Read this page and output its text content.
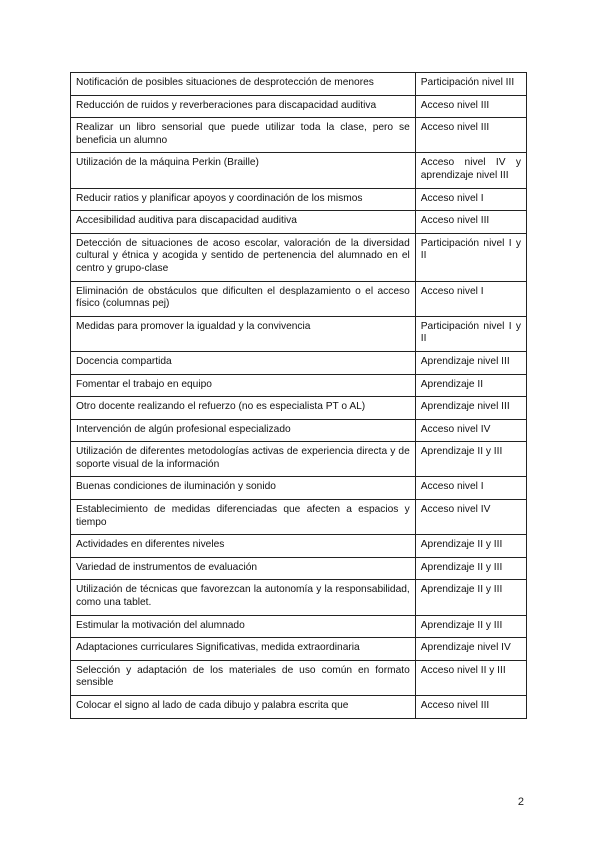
Notificación de posibles situaciones de desprotección de menores	Participación nivel III
Reducción de ruidos y reverberaciones para discapacidad auditiva	Acceso nivel III
Realizar un libro sensorial que puede utilizar toda la clase, pero se beneficia un alumno	Acceso nivel III
Utilización de la máquina Perkin (Braille)	Acceso nivel IV y aprendizaje nivel III
Reducir ratios y planificar apoyos y coordinación de los mismos	Acceso nivel I
Accesibilidad auditiva para discapacidad auditiva	Acceso nivel III
Detección de situaciones de acoso escolar, valoración de la diversidad cultural y étnica y acogida y sentido de pertenencia del alumnado en el centro y grupo-clase	Participación nivel I y II
Eliminación de obstáculos que dificulten el desplazamiento o el acceso físico (columnas pej)	Acceso nivel I
Medidas para promover la igualdad y la convivencia	Participación nivel I y II
Docencia compartida	Aprendizaje nivel III
Fomentar el trabajo en equipo	Aprendizaje II
Otro docente realizando el refuerzo (no es especialista PT o AL)	Aprendizaje nivel III
Intervención de algún profesional especializado	Acceso nivel IV
Utilización de diferentes metodologías activas de experiencia directa y de soporte visual de la información	Aprendizaje II y III
Buenas condiciones de iluminación y sonido	Acceso nivel I
Establecimiento de medidas diferenciadas que afecten a espacios y tiempo	Acceso nivel IV
Actividades en diferentes niveles	Aprendizaje II y III
Variedad de instrumentos de evaluación	Aprendizaje II y III
Utilización de técnicas que favorezcan la autonomía y la responsabilidad, como una tablet.	Aprendizaje II y III
Estimular la motivación del alumnado	Aprendizaje II y III
Adaptaciones curriculares Significativas, medida extraordinaria	Aprendizaje nivel IV
Selección y adaptación de los materiales de uso común en formato sensible	Acceso nivel II y III
Colocar el signo al lado de cada dibujo y palabra escrita que	Acceso nivel III
2
